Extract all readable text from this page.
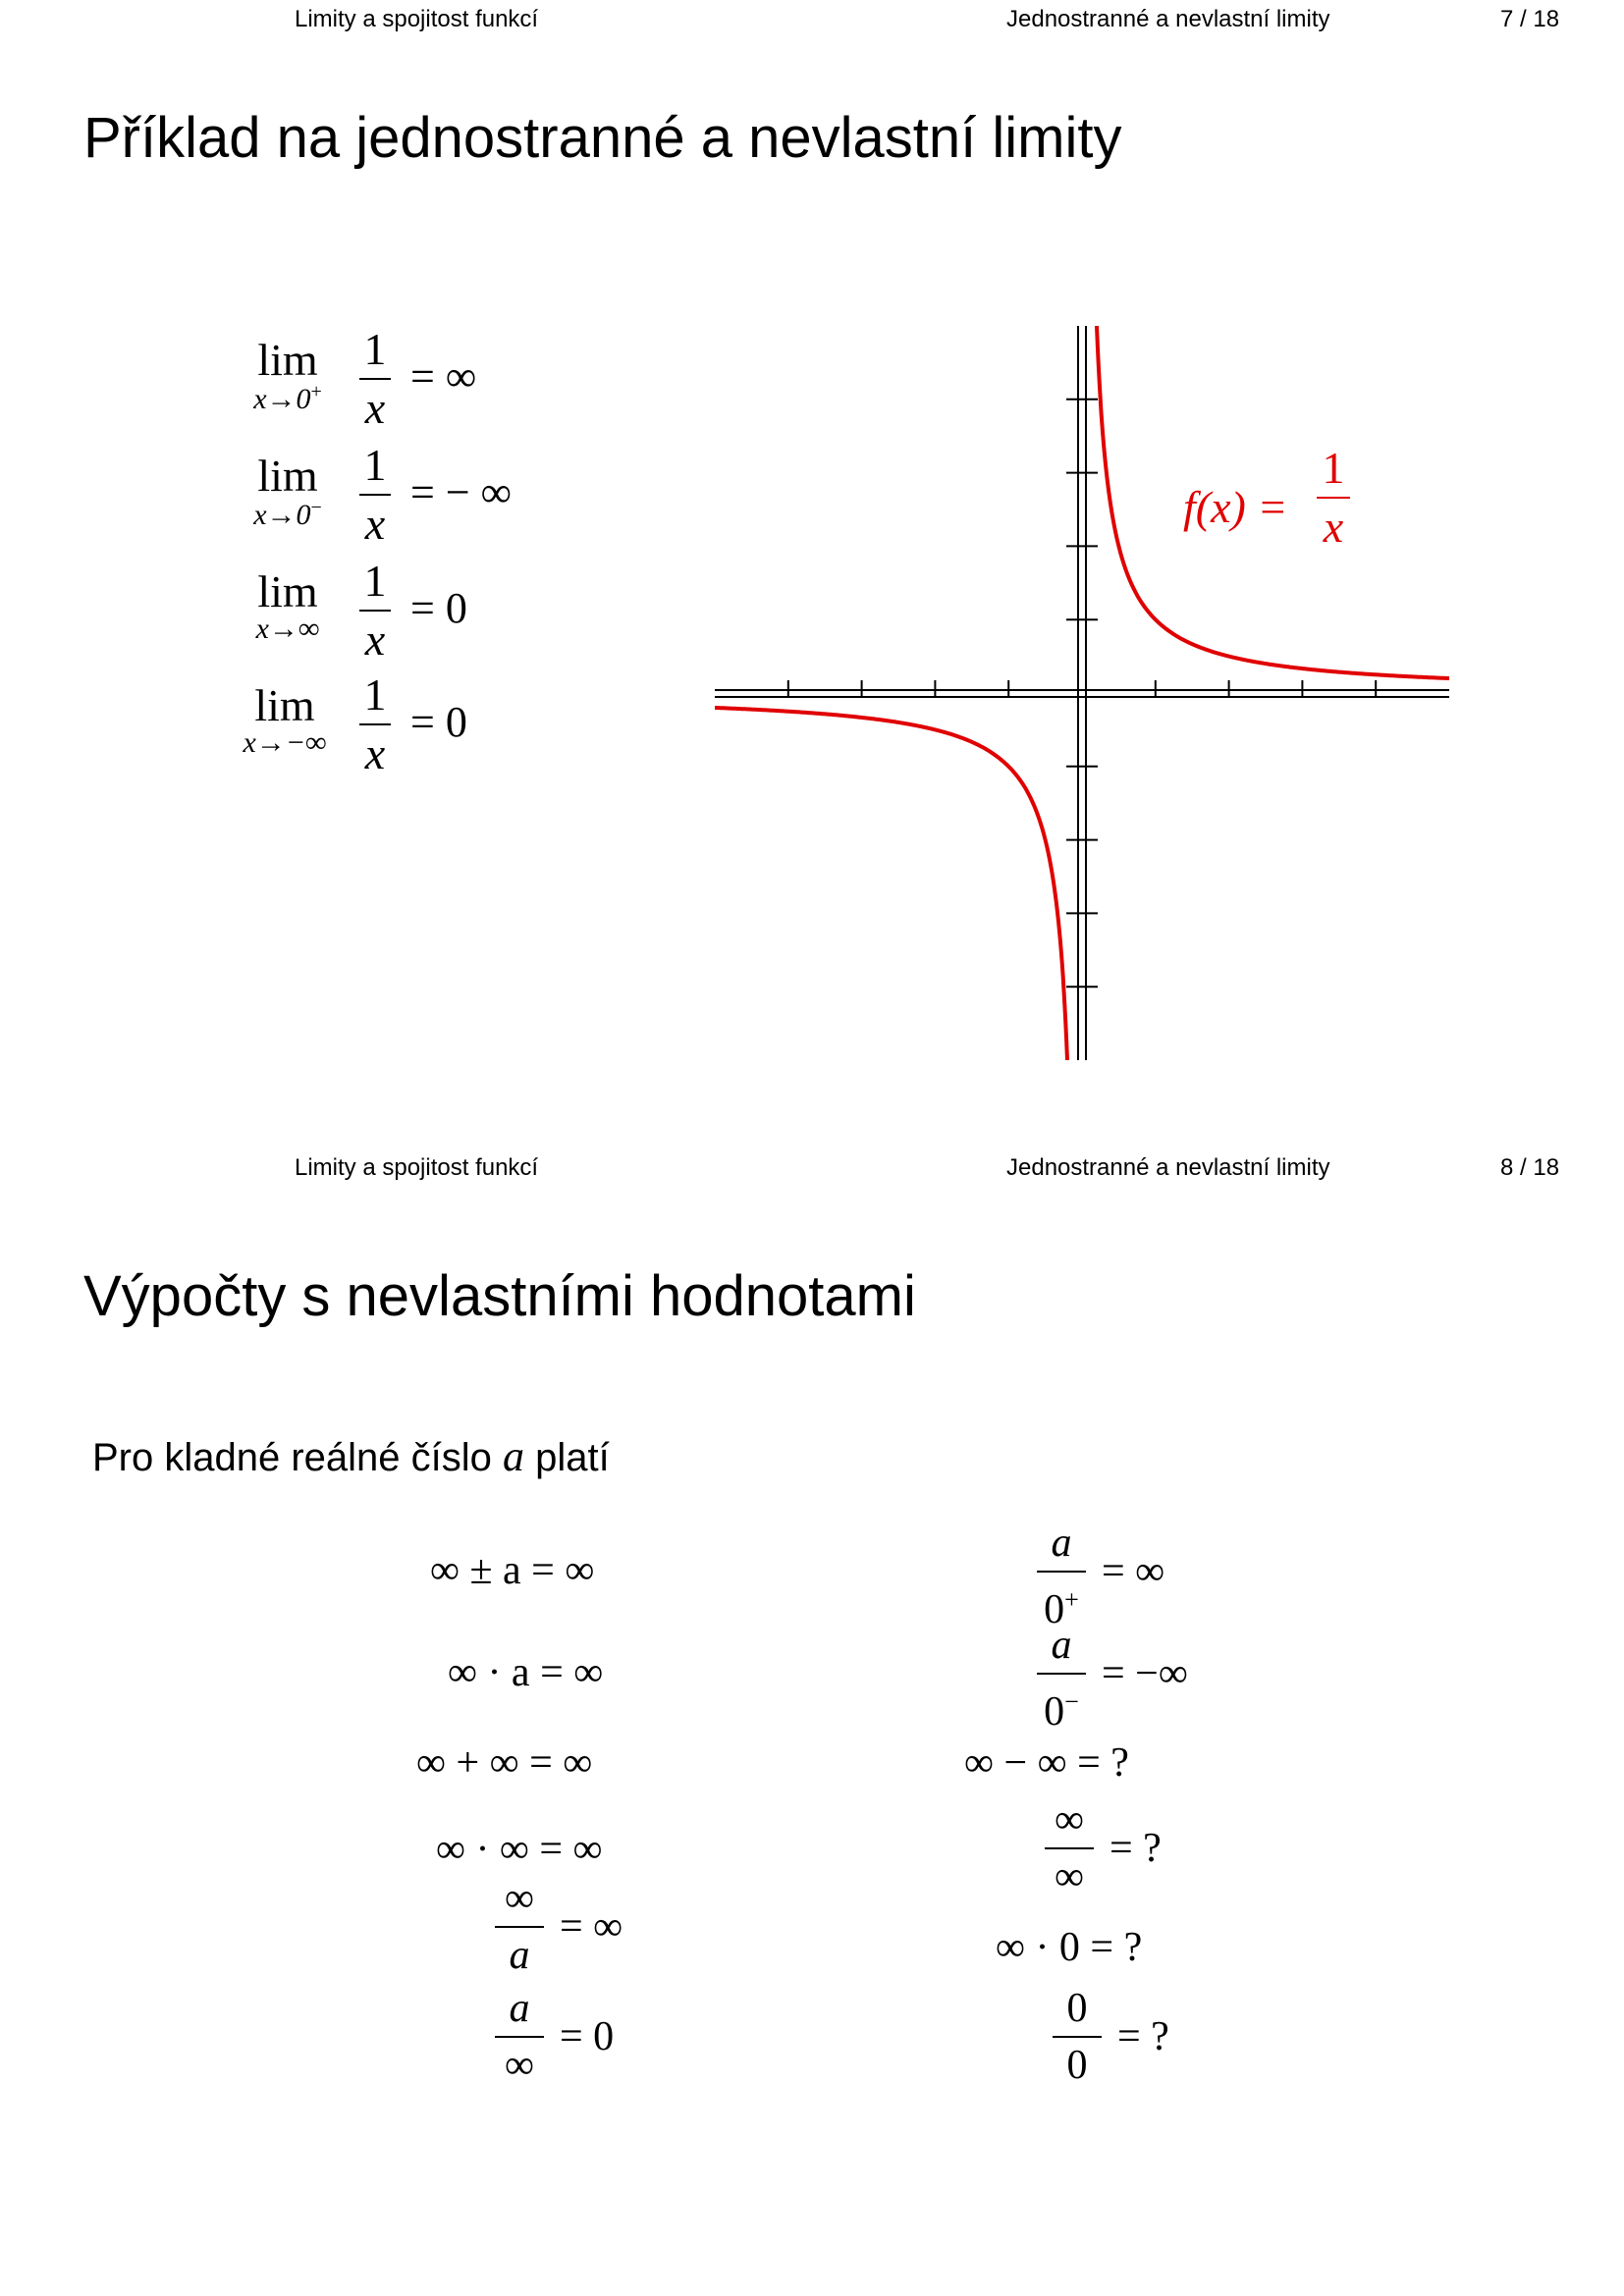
Limity a spojitost funkcí	Jednostranné a nevlastní limity	7 / 18
Příklad na jednostranné a nevlastní limity
lim
x→0+
1
x
= ∞
lim
x→0−
1
x
= − ∞
lim
x→∞
1
x
= 0
lim
x→−∞
1
x
= 0
f(x) =
1
x
Limity a spojitost funkcí	Jednostranné a nevlastní limity	8 / 18
Výpočty s nevlastními hodnotami
Pro kladné reálné číslo a platí
∞ ± a = ∞
∞ · a = ∞
∞ + ∞ = ∞
∞ · ∞ = ∞
$\frac{\infty}{a}$ = ∞
$\frac{a}{\infty} = 0$
$\frac{a}{0^+}$ = ∞
$\frac{a}{0^-}$ = −∞
∞ − ∞ = ?
$\frac{\infty}{\infty}$ = ?
∞ · 0 = ?
$\frac{0}{0}$ = ?
